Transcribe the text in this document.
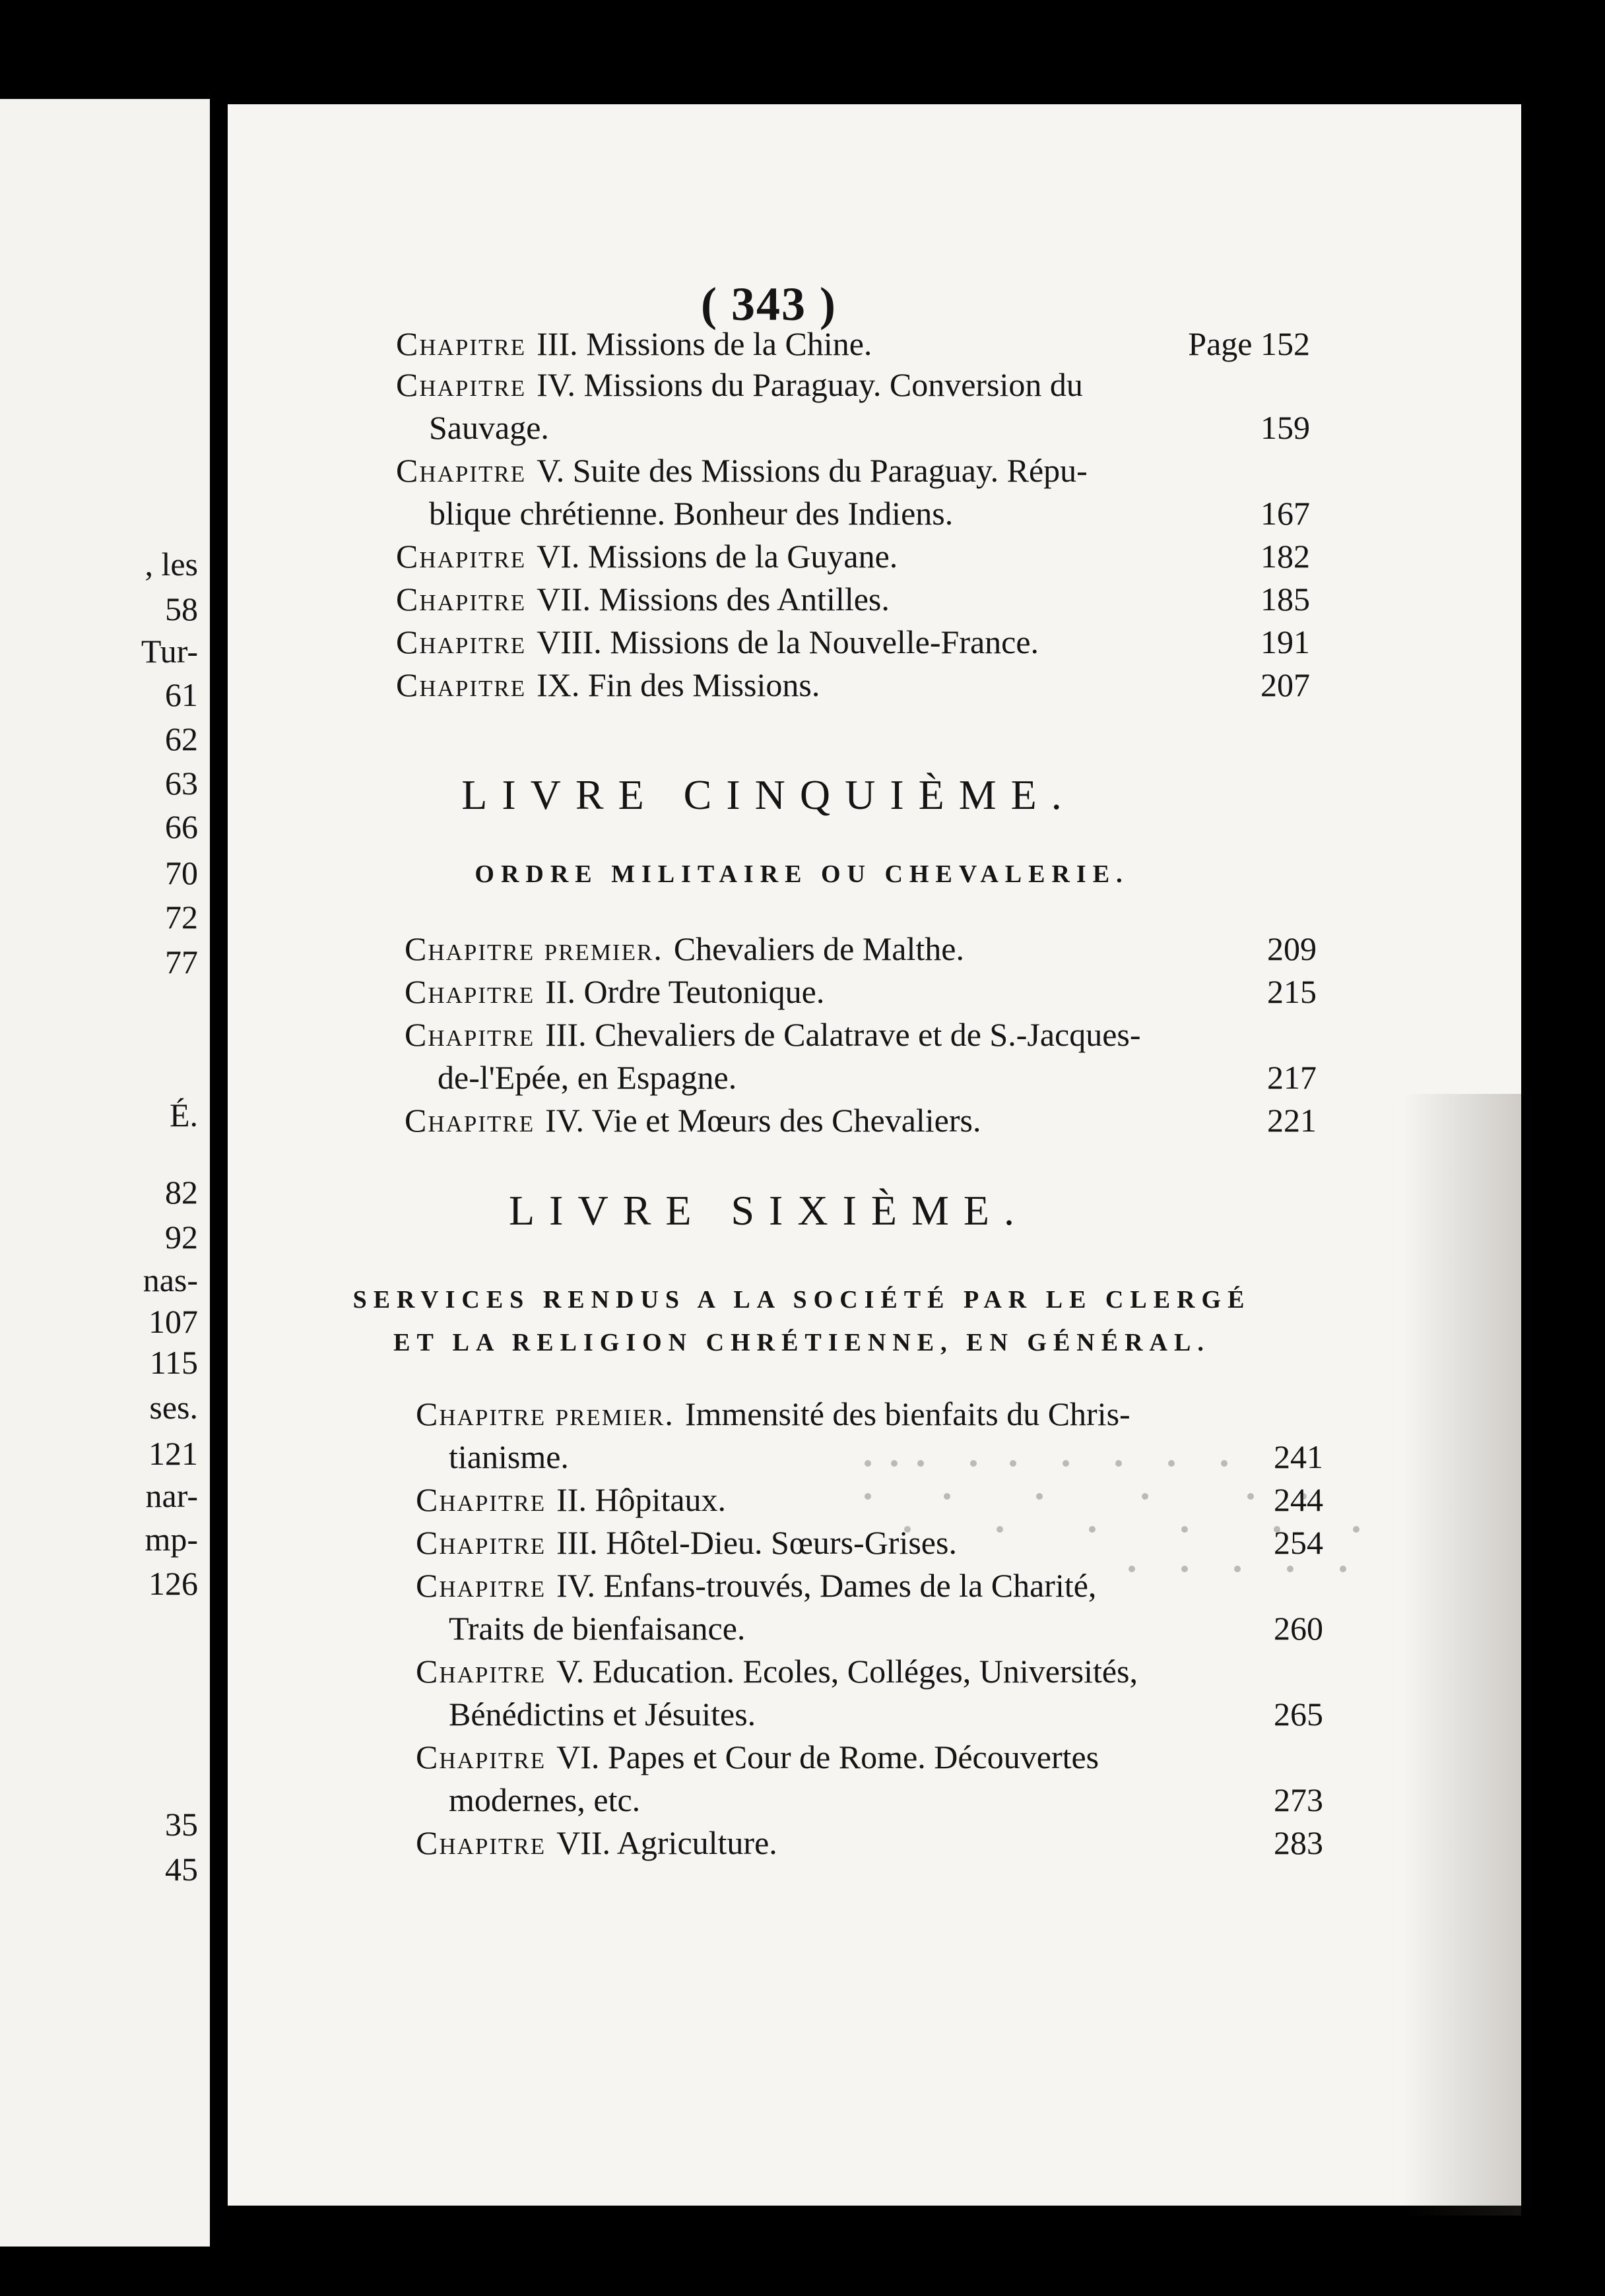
, les
58
Tur-
61
62
63
66
70
72
77
É.
82
92
nas-
107
115
ses.
121
nar-
mp-
126
35
45
( 343 )
Chapitre III. Missions de la Chine.	Page 152
Chapitre IV. Missions du Paraguay. Conversion du
Sauvage.	159
Chapitre V. Suite des Missions du Paraguay. Répu-
blique chrétienne. Bonheur des Indiens.	167
Chapitre VI. Missions de la Guyane.	182
Chapitre VII. Missions des Antilles.	185
Chapitre VIII. Missions de la Nouvelle-France.	191
Chapitre IX. Fin des Missions.	207
LIVRE CINQUIÈME.
ORDRE MILITAIRE OU CHEVALERIE.
Chapitre premier. Chevaliers de Malthe.	209
Chapitre II. Ordre Teutonique.	215
Chapitre III. Chevaliers de Calatrave et de S.-Jacques-
de-l'Epée, en Espagne.	217
Chapitre IV. Vie et Mœurs des Chevaliers.	221
LIVRE SIXIÈME.
SERVICES RENDUS A LA SOCIÉTÉ PAR LE CLERGÉ
ET LA RELIGION CHRÉTIENNE, EN GÉNÉRAL.
Chapitre premier. Immensité des bienfaits du Chris-
tianisme.	241
Chapitre II. Hôpitaux.	244
Chapitre III. Hôtel-Dieu. Sœurs-Grises.	254
Chapitre IV. Enfans-trouvés, Dames de la Charité,
Traits de bienfaisance.	260
Chapitre V. Education. Ecoles, Colléges, Universités,
Bénédictins et Jésuites.	265
Chapitre VI. Papes et Cour de Rome. Découvertes
modernes, etc.	273
Chapitre VII. Agriculture.	283
